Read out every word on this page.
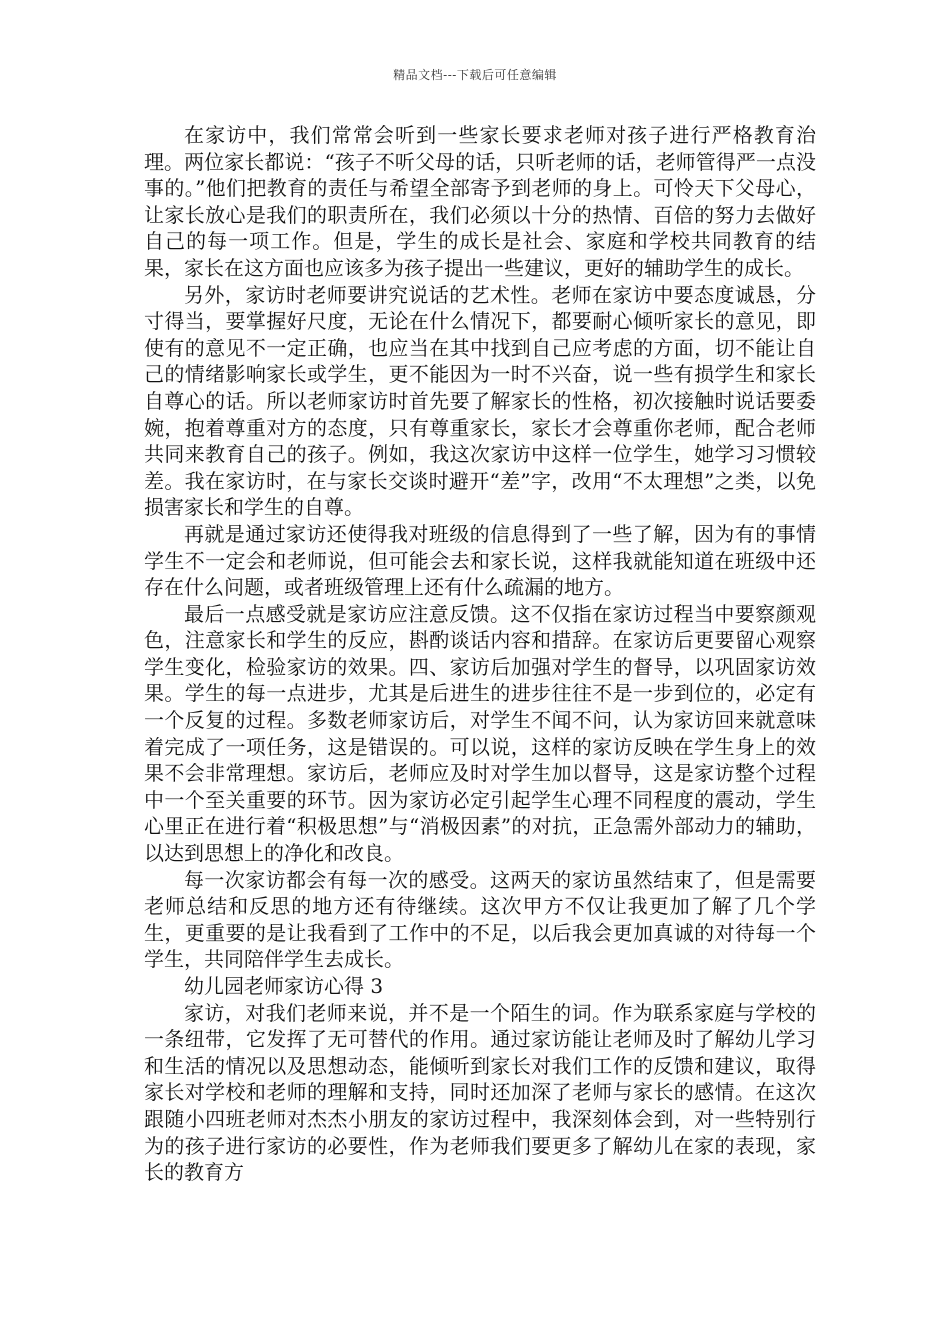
精品文档---下载后可任意编辑

在家访中，我们常常会听到一些家长要求老师对孩子进行严格教育治理。两位家长都说：“孩子不听父母的话，只听老师的话，老师管得严一点没事的。”他们把教育的责任与希望全部寄予到老师的身上。可怜天下父母心，让家长放心是我们的职责所在，我们必须以十分的热情、百倍的努力去做好自己的每一项工作。但是，学生的成长是社会、家庭和学校共同教育的结果，家长在这方面也应该多为孩子提出一些建议，更好的辅助学生的成长。

另外，家访时老师要讲究说话的艺术性。老师在家访中要态度诚恳，分寸得当，要掌握好尺度，无论在什么情况下，都要耐心倾听家长的意见，即使有的意见不一定正确，也应当在其中找到自己应考虑的方面，切不能让自己的情绪影响家长或学生，更不能因为一时不兴奋，说一些有损学生和家长自尊心的话。所以老师家访时首先要了解家长的性格，初次接触时说话要委婉，抱着尊重对方的态度，只有尊重家长，家长才会尊重你老师，配合老师共同来教育自己的孩子。例如，我这次家访中这样一位学生，她学习习惯较差。我在家访时，在与家长交谈时避开“差”字，改用“不太理想”之类，以免损害家长和学生的自尊。

再就是通过家访还使得我对班级的信息得到了一些了解，因为有的事情学生不一定会和老师说，但可能会去和家长说，这样我就能知道在班级中还存在什么问题，或者班级管理上还有什么疏漏的地方。

最后一点感受就是家访应注意反馈。这不仅指在家访过程当中要察颜观色，注意家长和学生的反应，斟酌谈话内容和措辞。在家访后更要留心观察学生变化，检验家访的效果。四、家访后加强对学生的督导，以巩固家访效果。学生的每一点进步，尤其是后进生的进步往往不是一步到位的，必定有一个反复的过程。多数老师家访后，对学生不闻不问，认为家访回来就意味着完成了一项任务，这是错误的。可以说，这样的家访反映在学生身上的效果不会非常理想。家访后，老师应及时对学生加以督导，这是家访整个过程中一个至关重要的环节。因为家访必定引起学生心理不同程度的震动，学生心里正在进行着“积极思想”与“消极因素”的对抗，正急需外部动力的辅助，以达到思想上的净化和改良。

每一次家访都会有每一次的感受。这两天的家访虽然结束了，但是需要老师总结和反思的地方还有待继续。这次甲方不仅让我更加了解了几个学生，更重要的是让我看到了工作中的不足，以后我会更加真诚的对待每一个学生，共同陪伴学生去成长。

幼儿园老师家访心得 3

家访，对我们老师来说，并不是一个陌生的词。作为联系家庭与学校的一条纽带，它发挥了无可替代的作用。通过家访能让老师及时了解幼儿学习和生活的情况以及思想动态，能倾听到家长对我们工作的反馈和建议，取得家长对学校和老师的理解和支持，同时还加深了老师与家长的感情。在这次跟随小四班老师对杰杰小朋友的家访过程中，我深刻体会到，对一些特别行为的孩子进行家访的必要性，作为老师我们要更多了解幼儿在家的表现，家长的教育方
